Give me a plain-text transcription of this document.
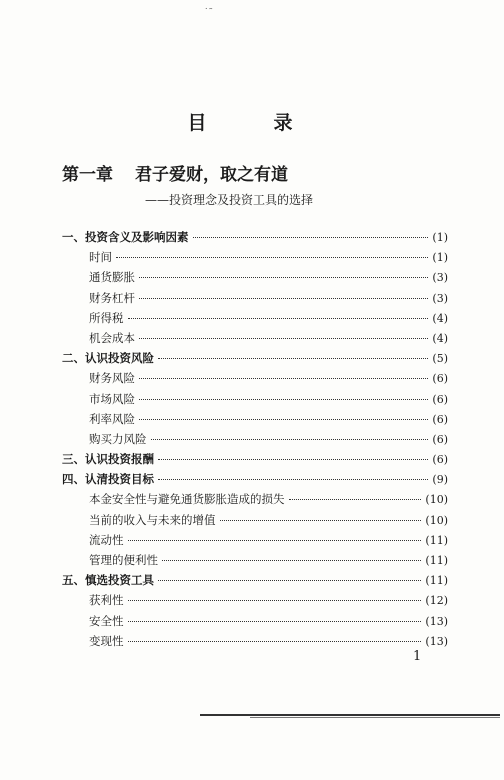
˙˜
目　录
第一章 君子爱财，取之有道
——投资理念及投资工具的选择
一、投资含义及影响因素	(1)
时间	(1)
通货膨胀	(3)
财务杠杆	(3)
所得税	(4)
机会成本	(4)
二、认识投资风险	(5)
财务风险	(6)
市场风险	(6)
利率风险	(6)
购买力风险	(6)
三、认识投资报酬	(6)
四、认清投资目标	(9)
本金安全性与避免通货膨胀造成的损失	(10)
当前的收入与未来的增值	(10)
流动性	(11)
管理的便利性	(11)
五、慎选投资工具	(11)
获利性	(12)
安全性	(13)
变现性	(13)
1
